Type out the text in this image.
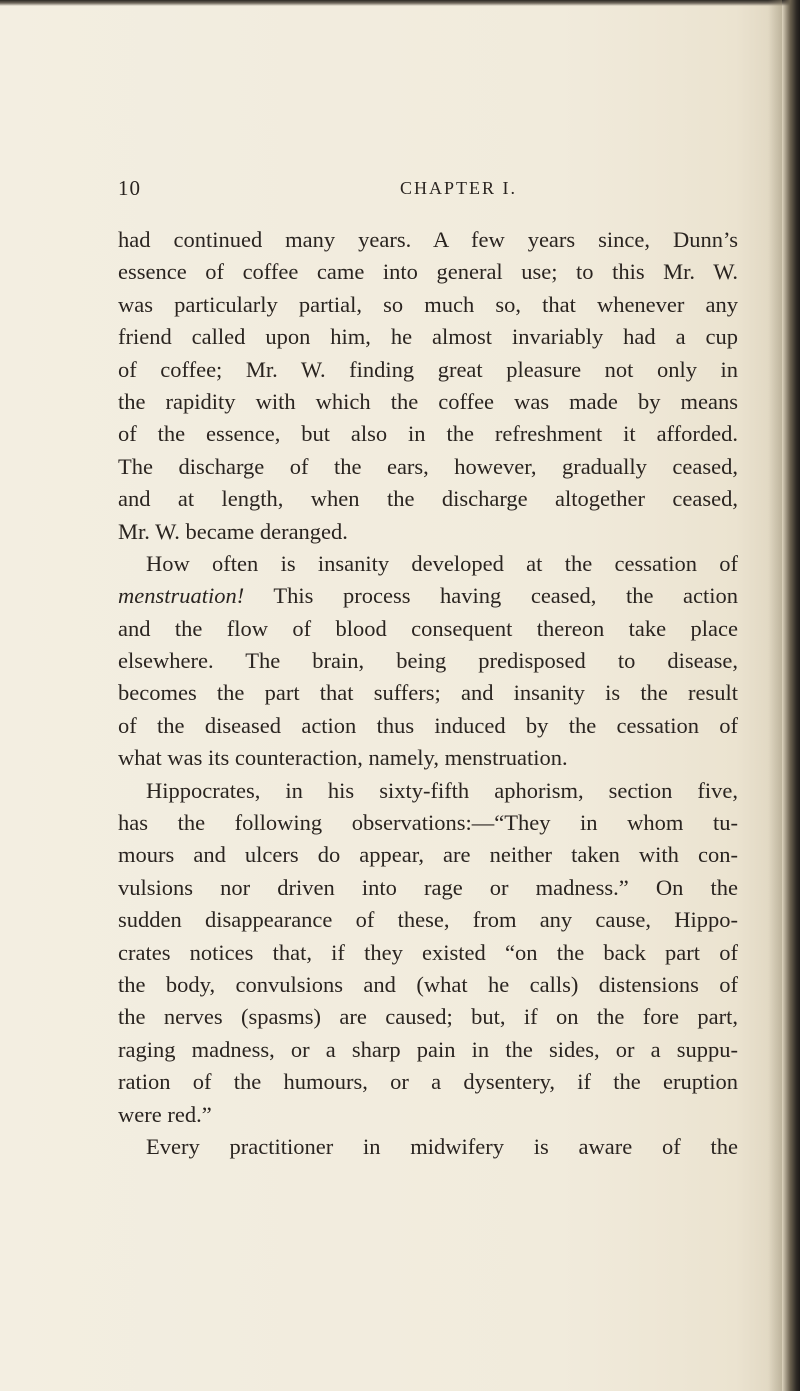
10	CHAPTER I.
had continued many years. A few years since, Dunn’s
essence of coffee came into general use; to this Mr. W.
was particularly partial, so much so, that whenever any
friend called upon him, he almost invariably had a cup
of coffee; Mr. W. finding great pleasure not only in
the rapidity with which the coffee was made by means
of the essence, but also in the refreshment it afforded.
The discharge of the ears, however, gradually ceased,
and at length, when the discharge altogether ceased,
Mr. W. became deranged.
How often is insanity developed at the cessation of
menstruation! This process having ceased, the action
and the flow of blood consequent thereon take place
elsewhere. The brain, being predisposed to disease,
becomes the part that suffers; and insanity is the result
of the diseased action thus induced by the cessation of
what was its counteraction, namely, menstruation.
Hippocrates, in his sixty-fifth aphorism, section five,
has the following observations:—“They in whom tu-
mours and ulcers do appear, are neither taken with con-
vulsions nor driven into rage or madness.” On the
sudden disappearance of these, from any cause, Hippo-
crates notices that, if they existed “on the back part of
the body, convulsions and (what he calls) distensions of
the nerves (spasms) are caused; but, if on the fore part,
raging madness, or a sharp pain in the sides, or a suppu-
ration of the humours, or a dysentery, if the eruption
were red.”
Every practitioner in midwifery is aware of the
